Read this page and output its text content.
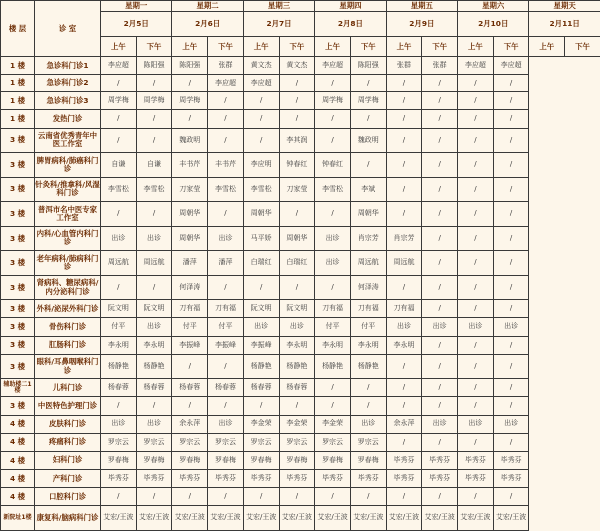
楼 层	诊 室	星期一		星期二		星期三		星期四		星期五		星期六		星期天	
		2月5日		2月6日		2月7日		2月8日		2月9日		2月10日		2月11日	
		上午	下午	上午	下午	上午	下午	上午	下午	上午	下午	上午	下午	上午	下午
1 楼	急诊科门诊1	李应超	陈阳强	陈阳强	张群	黄文杰	黄文杰	李应超	陈阳强	张群	张群	李应超	李应超		
1 楼	急诊科门诊2	/	/	/	李应超	李应超	/	/	/	/	/	/	/		
1 楼	急诊科门诊3	周学梅	周学梅	周学梅	/	/	/	周学梅	周学梅	/	/	/	/		
1 楼	发热门诊	/	/	/	/	/	/	/	/	/	/	/	/		
3 楼	云南省优秀青年中医工作室	/	/	魏政明	/	/	李其润	/	魏政明	/	/	/	/		
3 楼	脾胃病科/肺癌科门诊	自谦	自谦	丰书芹	丰书芹	李应明	钟春红	钟春红	/	/	/	/	/		
3 楼	针灸科/推拿科/风湿科门诊	李雪松	李雪松	刀家莹	李雪松	李雪松	刀家莹	李雪松	李斌	/	/	/	/		
3 楼	普洱市名中医专家工作室	/	/	周朝华	/	周朝华	/	/	周朝华	/	/	/	/		
3 楼	内科/心血管内科门诊	出诊	出诊	周朝华	出诊	马平娇	周朝华	出诊	肖宗芳	肖宗芳	/	/	/		
3 楼	老年病科/肺病科门诊	周远航	周远航	潘萍	潘萍	白瑞红	白瑞红	出诊	周远航	周远航	/	/	/		
3 楼	肾病科、糖尿病科/内分泌科门诊	/	/	何泽涛	/	/	/	/	何泽涛	/	/	/	/		
3 楼	外科/泌尿外科门诊	阮文明	阮文明	刀有福	刀有福	阮文明	阮文明	刀有福	刀有福	刀有福	/	/	/		
3 楼	骨伤科门诊	付平	出诊	付平	付平	出诊	出诊	付平	付平	出诊	出诊	出诊	出诊		
3 楼	肛肠科门诊	李永明	李永明	李振峰	李振峰	李振峰	李永明	李永明	李永明	李永明	/	/	/		
3 楼	眼科/耳鼻咽喉科门诊	杨静艳	杨静艳	/	/	杨静艳	杨静艳	杨静艳	杨静艳	/	/	/	/		
辅助楼二1楼	儿科门诊	杨春蓉	杨春蓉	杨春蓉	杨春蓉	杨春蓉	杨春蓉	/	/	/	/	/	/		
3 楼	中医特色护理门诊	/	/	/	/	/	/	/	/	/	/	/	/		
4 楼	皮肤科门诊	出诊	出诊	余永萍	出诊	李金荣	李金荣	李金荣	出诊	余永萍	出诊	出诊	出诊		
4 楼	疼痛科门诊	罗宗云	罗宗云	罗宗云	罗宗云	罗宗云	罗宗云	罗宗云	罗宗云	/	/	/	/		
4 楼	妇科门诊	罗春梅	罗春梅	罗春梅	罗春梅	罗春梅	罗春梅	罗春梅	罗春梅	毕秀芬	毕秀芬	毕秀芬	毕秀芬		
4 楼	产科门诊	毕秀芬	毕秀芬	毕秀芬	毕秀芬	毕秀芬	毕秀芬	毕秀芬	毕秀芬	毕秀芬	毕秀芬	毕秀芬	毕秀芬		
4 楼	口腔科门诊	/	/	/	/	/	/	/	/	/	/	/	/		
新院址1楼	康复科/脑病科门诊	艾宏/王波	艾宏/王波	艾宏/王波	艾宏/王波	艾宏/王波	艾宏/王波	艾宏/王波	艾宏/王波	艾宏/王波	艾宏/王波	艾宏/王波	艾宏/王波		
